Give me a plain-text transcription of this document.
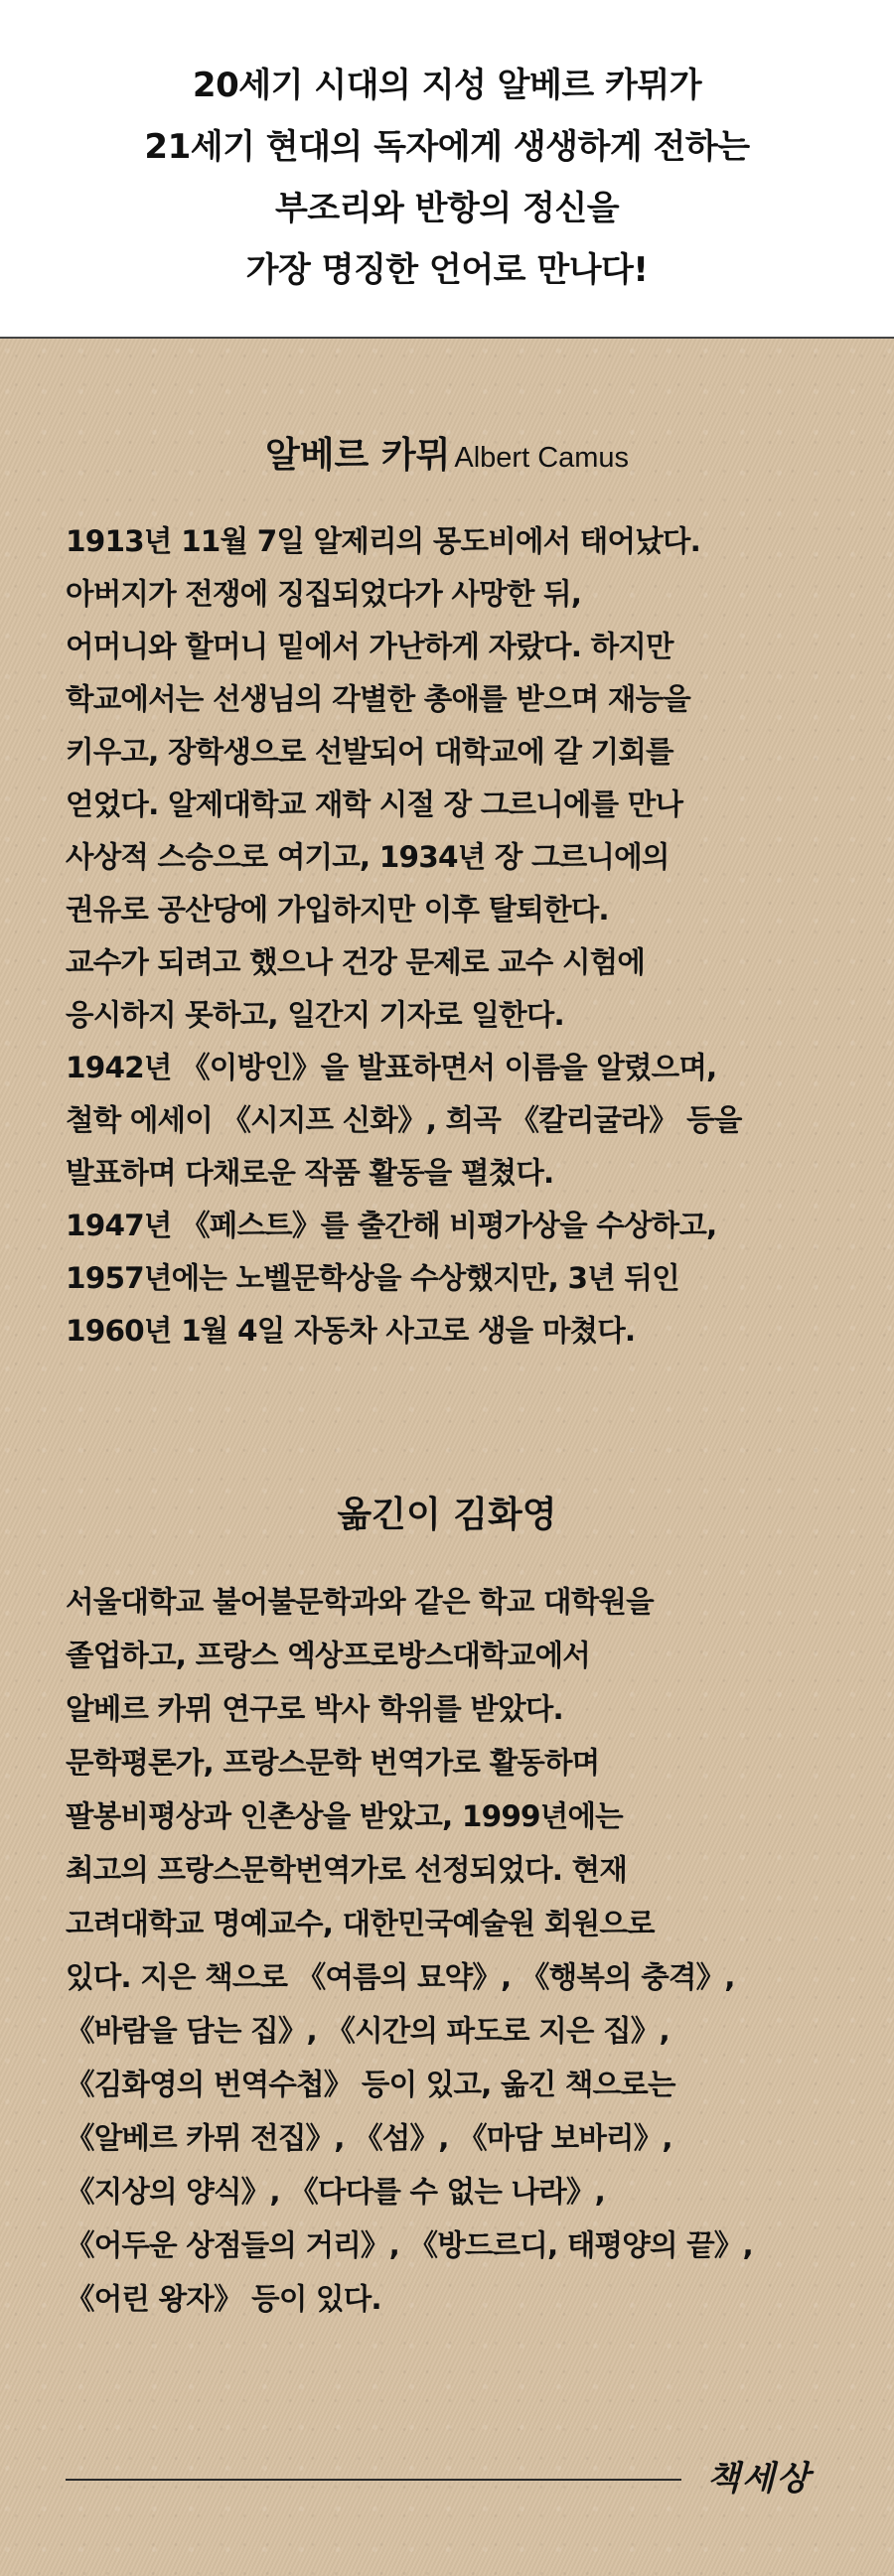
20세기 시대의 지성 알베르 카뮈가
21세기 현대의 독자에게 생생하게 전하는
부조리와 반항의 정신을
가장 명징한 언어로 만나다!
알베르 카뮈 Albert Camus
1913년 11월 7일 알제리의 몽도비에서 태어났다.
아버지가 전쟁에 징집되었다가 사망한 뒤,
어머니와 할머니 밑에서 가난하게 자랐다. 하지만
학교에서는 선생님의 각별한 총애를 받으며 재능을
키우고, 장학생으로 선발되어 대학교에 갈 기회를
얻었다. 알제대학교 재학 시절 장 그르니에를 만나
사상적 스승으로 여기고, 1934년 장 그르니에의
권유로 공산당에 가입하지만 이후 탈퇴한다.
교수가 되려고 했으나 건강 문제로 교수 시험에
응시하지 못하고, 일간지 기자로 일한다.
1942년 《이방인》을 발표하면서 이름을 알렸으며,
철학 에세이 《시지프 신화》, 희곡 《칼리굴라》 등을
발표하며 다채로운 작품 활동을 펼쳤다.
1947년 《페스트》를 출간해 비평가상을 수상하고,
1957년에는 노벨문학상을 수상했지만, 3년 뒤인
1960년 1월 4일 자동차 사고로 생을 마쳤다.
옮긴이 김화영
서울대학교 불어불문학과와 같은 학교 대학원을
졸업하고, 프랑스 엑상프로방스대학교에서
알베르 카뮈 연구로 박사 학위를 받았다.
문학평론가, 프랑스문학 번역가로 활동하며
팔봉비평상과 인촌상을 받았고, 1999년에는
최고의 프랑스문학번역가로 선정되었다. 현재
고려대학교 명예교수, 대한민국예술원 회원으로
있다. 지은 책으로 《여름의 묘약》, 《행복의 충격》,
《바람을 담는 집》, 《시간의 파도로 지은 집》,
《김화영의 번역수첩》 등이 있고, 옮긴 책으로는
《알베르 카뮈 전집》, 《섬》, 《마담 보바리》,
《지상의 양식》, 《다다를 수 없는 나라》,
《어두운 상점들의 거리》, 《방드르디, 태평양의 끝》,
《어린 왕자》 등이 있다.
책세상
